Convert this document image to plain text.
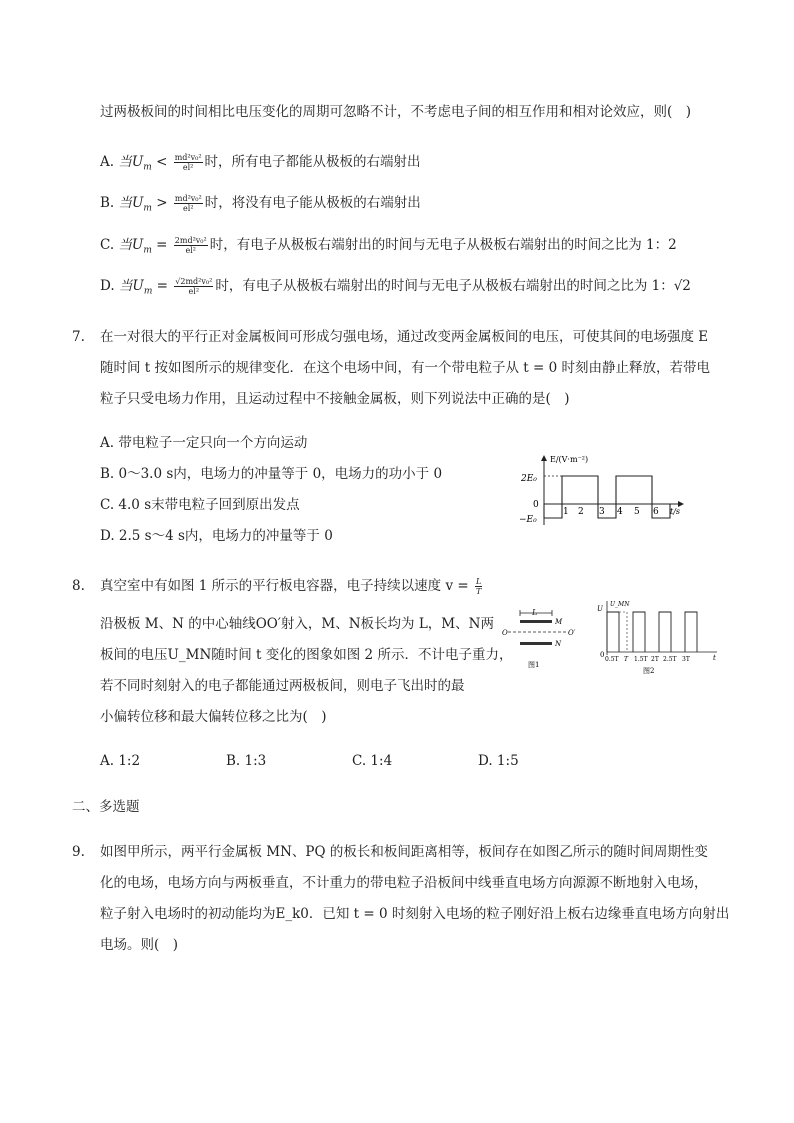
过两极板间的时间相比电压变化的周期可忽略不计，不考虑电子间的相互作用和相对论效应，则(　)
A. 当$U_m < \frac{\text{md²v₀²}}{\text{el²}}$ 时，所有电子都能从极板的右端射出
B. 当$U_m > \frac{\text{md²v₀²}}{\text{el²}}$ 时，将没有电子能从极板的右端射出
C. 当$U_m = \frac{\text{2md²v₀²}}{\text{el²}}$ 时，有电子从极板右端射出的时间与无电子从极板右端射出的时间之比为 1：2
D. 当$U_m = \frac{\text{√2md²v₀²}}{\text{el²}}$ 时，有电子从极板右端射出的时间与无电子从极板右端射出的时间之比为 1：√2
7. 在一对很大的平行正对金属板间可形成匀强电场，通过改变两金属板间的电压，可使其间的电场强度 E
随时间 t 按如图所示的规律变化．在这个电场中间，有一个带电粒子从 t = 0 时刻由静止释放，若带电
粒子只受电场力作用，且运动过程中不接触金属板，则下列说法中正确的是(　)
A. 带电粒子一定只向一个方向运动
B. 0～3.0 s内，电场力的冲量等于 0，电场力的功小于 0
C. 4.0 s末带电粒子回到原出发点
D. 2.5 s～4 s内，电场力的冲量等于 0
E/(V·m⁻²)
2E₀
0
−E₀
t/s
1 2 3 4 5 6
8. 真空室中有如图 1 所示的平行板电容器，电子持续以速度 $v = \frac{L}{T}$
沿极板 M、N 的中心轴线OO′射入，M、N板长均为 L，M、N两
板间的电压U_MN随时间 t 变化的图象如图 2 所示．不计电子重力，
若不同时刻射入的电子都能通过两极板间，则电子飞出时的最
小偏转位移和最大偏转位移之比为(　)
L
M
O	O′
N
图1
U
U_MN
0	t
0.5T T 1.5T 2T 2.5T 3T
图2
A. 1:2	B. 1:3	C. 1:4	D. 1:5
二、多选题
9. 如图甲所示，两平行金属板 MN、PQ 的板长和板间距离相等，板间存在如图乙所示的随时间周期性变
化的电场，电场方向与两板垂直，不计重力的带电粒子沿板间中线垂直电场方向源源不断地射入电场，
粒子射入电场时的初动能均为E_k0．已知 t = 0 时刻射入电场的粒子刚好沿上板右边缘垂直电场方向射出
电场。则(　)
